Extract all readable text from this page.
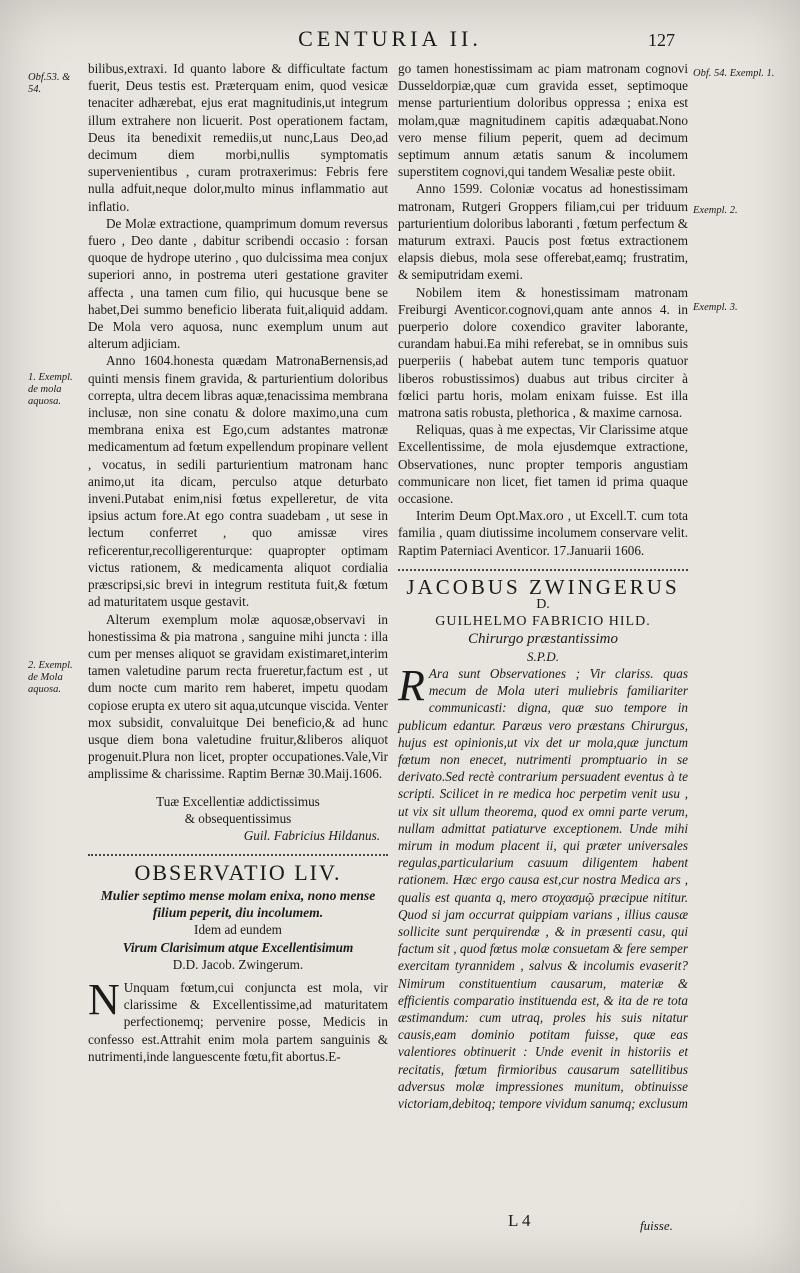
CENTURIA II.	127
Obf.53. & 54.
1. Exempl. de mola aquosa.
2. Exempl. de Mola aquosa.
Obf. 54. Exempl. 1.
Exempl. 2.
Exempl. 3.

bilibus,extraxi. Id quanto labore & difficultate factum fuerit, Deus testis est. Præterquam enim, quod vesicæ tenaciter adhærebat, ejus erat magnitudinis,ut integrum illum extrahere non licuerit. Post operationem factam, Deus ita benedixit remediis,ut nunc,Laus Deo,ad decimum diem morbi,nullis symptomatis supervenientibus , curam protraxerimus: Febris fere nulla adfuit,neque dolor,multo minus inflammatio aut inflatio.

De Molæ extractione, quamprimum domum reversus fuero , Deo dante , dabitur scribendi occasio : forsan quoque de hydrope uterino , quo dulcissima mea conjux superiori anno, in postrema uteri gestatione graviter affecta , una tamen cum filio, qui hucusque bene se habet,Dei summo beneficio liberata fuit,aliquid addam. De Mola vero aquosa, nunc exemplum unum aut alterum adjiciam.

Anno 1604.honesta quædam MatronaBernensis,ad quinti mensis finem gravida, & parturientium doloribus correpta, ultra decem libras aquæ,tenacissima membrana inclusæ, non sine conatu & dolore maximo,una cum membrana enixa est Ego,cum adstantes matronæ medicamentum ad fœtum expellendum propinare vellent , vocatus, in sedili parturientium matronam hanc animo,ut ita dicam, perculso atque deturbato inveni.Putabat enim,nisi fœtus expelleretur, de vita ipsius actum fore.At ego contra suadebam , ut sese in lectum conferret , quo amissæ vires reficerentur,recolligerenturque: quapropter optimam victus rationem, & medicamenta aliquot cordialia præscripsi,sic brevi in integrum restituta fuit,& fœtum ad maturitatem usque gestavit.

Alterum exemplum molæ aquosæ,observavi in honestissima & pia matrona , sanguine mihi juncta : illa cum per menses aliquot se gravidam existimaret,interim tamen valetudine parum recta frueretur,factum est , ut dum nocte cum marito rem haberet, impetu quodam copiose erupta ex utero sit aqua,utcunque viscida. Venter mox subsidit, convaluitque Dei beneficio,& ad hunc usque diem bona valetudine fruitur,&liberos aliquot progenuit.Plura non licet, propter occupationes.Vale,Vir amplissime & charissime. Raptim Bernæ 30.Maij.1606.

Tuæ Excellentiæ addictissimus
& obsequentissimus
Guil. Fabricius Hildanus.
OBSERVATIO LIV.
Mulier septimo mense molam enixa, nono mense filium peperit, diu incolumem.
Idem ad eundem
Virum Clarisimum atque Excellentisimum
D.D. Jacob. Zwingerum.

N Unquam fœtum,cui conjuncta est mola, vir clarissime & Excellentissime,ad maturitatem perfectionemq; pervenire posse, Medicis in confesso est.Attrahit enim mola partem sanguinis & nutrimenti,inde languescente fœtu,fit abortus.E-

go tamen honestissimam ac piam matronam cognovi Dusseldorpiæ,quæ cum gravida esset, septimoque mense parturientium doloribus oppressa ; enixa est molam,quæ magnitudinem capitis adæquabat.Nono vero mense filium peperit, quem ad decimum septimum annum ætatis sanum & incolumem superstitem cognovi,qui tandem Wesaliæ peste obiit.

Anno 1599. Coloniæ vocatus ad honestissimam matronam, Rutgeri Groppers filiam,cui per triduum parturientium doloribus laboranti , fœtum perfectum & maturum extraxi. Paucis post fœtus extractionem elapsis diebus, mola sese offerebat,eamq; frustratim, & semiputridam exemi.

Nobilem item & honestissimam matronam Freiburgi Aventicor.cognovi,quam ante annos 4. in puerperio dolore coxendico graviter laborante, curandam habui.Ea mihi referebat, se in omnibus suis puerperiis ( habebat autem tunc temporis quatuor liberos robustissimos) duabus aut tribus circiter à fœlici partu horis, molam enixam fuisse. Est illa matrona satis robusta, plethorica , & maxime carnosa.

Reliquas, quas à me expectas, Vir Clarissime atque Excellentissime, de mola ejusdemque extractione, Observationes, nunc propter temporis angustiam communicare non licet, fiet tamen id prima quaque occasione.

Interim Deum Opt.Max.oro , ut Excell.T. cum tota familia , quam diutissime incolumem conservare velit. Raptim Paterniaci Aventicor. 17.Januarii 1606.

JACOBUS ZWINGERUS
D.
GUILHELMO FABRICIO HILD.
Chirurgo præstantissimo
S.P.D.

R Ara sunt Observationes ; Vir clariss. quas mecum de Mola uteri muliebris familiariter communicasti: digna, quæ suo tempore in publicum edantur. Paræus vero præstans Chirurgus, hujus est opinionis,ut vix det ur mola,quæ junctum fœtum non enecet, nutrimenti promptuario in se derivato.Sed rectè contrarium persuadent eventus à te scripti. Scilicet in re medica hoc perpetim venit usu , ut vix sit ullum theorema, quod ex omni parte verum, nullam admittat patiaturve exceptionem. Unde mihi mirum in modum placent ii, qui præter universales regulas,particularium casuum diligentem habent rationem. Hæc ergo causa est,cur nostra Medica ars , qualis est quanta q, mero στοχασμῷ præcipue nititur. Quod si jam occurrat quippiam varians , illius causæ sollicite sunt perquirendæ , & in præsenti casu, qui factum sit , quod fœtus molæ consuetam & fere semper exercitam tyrannidem , salvus & incolumis evaserit? Nimirum constituentium causarum, materiæ & efficientis comparatio instituenda est, & ita de re tota æstimandum: cum utraq, proles his suis nitatur causis,eam dominio potitam fuisse, quæ eas valentiores obtinuerit : Unde evenit in historiis et recitatis, fœtum firmioribus causarum satellitibus adversus molæ impressiones munitum, obtinuisse victoriam,debitoq; tempore vividum sanumq; exclusum

L 4	fuisse.
